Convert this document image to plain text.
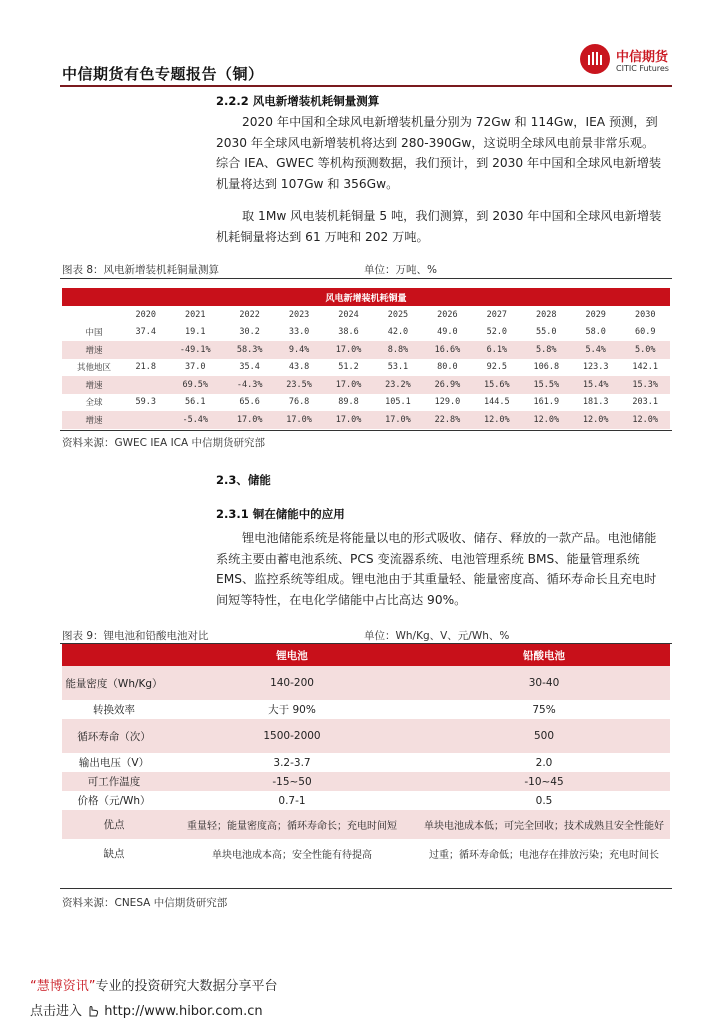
中信期货有色专题报告（铜）
中信期货
CITIC Futures
2.2.2 风电新增装机耗铜量测算
2020 年中国和全球风电新增装机量分别为 72Gw 和 114Gw，IEA 预测，到 2030 年全球风电新增装机将达到 280-390Gw，这说明全球风电前景非常乐观。综合 IEA、GWEC 等机构预测数据，我们预计，到 2030 年中国和全球风电新增装机量将达到 107Gw 和 356Gw。
取 1Mw 风电装机耗铜量 5 吨，我们测算，到 2030 年中国和全球风电新增装机耗铜量将达到 61 万吨和 202 万吨。
图表 8：风电新增装机耗铜量测算	单位：万吨、%
风电新增装机耗铜量											
	2020	2021	2022	2023	2024	2025	2026	2027	2028	2029	2030
中国	37.4	19.1	30.2	33.0	38.6	42.0	49.0	52.0	55.0	58.0	60.9
增速		-49.1%	58.3%	9.4%	17.0%	8.8%	16.6%	6.1%	5.8%	5.4%	5.0%
其他地区	21.8	37.0	35.4	43.8	51.2	53.1	80.0	92.5	106.8	123.3	142.1
增速		69.5%	-4.3%	23.5%	17.0%	23.2%	26.9%	15.6%	15.5%	15.4%	15.3%
全球	59.3	56.1	65.6	76.8	89.8	105.1	129.0	144.5	161.9	181.3	203.1
增速		-5.4%	17.0%	17.0%	17.0%	17.0%	22.8%	12.0%	12.0%	12.0%	12.0%
资料来源：GWEC IEA ICA 中信期货研究部
2.3、储能
2.3.1 铜在储能中的应用
锂电池储能系统是将能量以电的形式吸收、储存、释放的一款产品。电池储能系统主要由蓄电池系统、PCS 变流器系统、电池管理系统 BMS、能量管理系统 EMS、监控系统等组成。锂电池由于其重量轻、能量密度高、循环寿命长且充电时间短等特性，在电化学储能中占比高达 90%。
图表 9：锂电池和铅酸电池对比	单位：Wh/Kg、V、元/Wh、%
	锂电池	铅酸电池
能量密度（Wh/Kg）	140-200	30-40
转换效率	大于 90%	75%
循环寿命（次）	1500-2000	500
输出电压（V）	3.2-3.7	2.0
可工作温度	-15~50	-10~45
价格（元/Wh）	0.7-1	0.5
优点	重量轻；能量密度高；循环寿命长；充电时间短	单块电池成本低；可完全回收；技术成熟且安全性能好
缺点	单块电池成本高；安全性能有待提高	过重；循环寿命低；电池存在排放污染；充电时间长
资料来源：CNESA 中信期货研究部
“慧博资讯”专业的投资研究大数据分享平台
点击进入 http://www.hibor.com.cn
